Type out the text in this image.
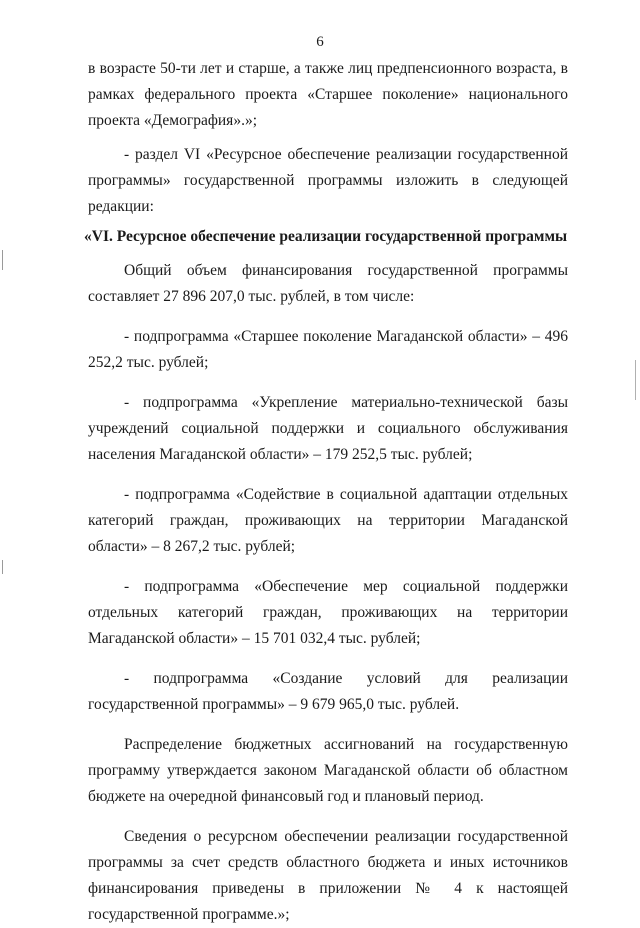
6

в возрасте 50-ти лет и старше, а также лиц предпенсионного возраста, в рамках федерального проекта «Старшее поколение» национального проекта «Демография».»;

- раздел VI «Ресурсное обеспечение реализации государственной программы» государственной программы изложить в следующей редакции:

«VI. Ресурсное обеспечение реализации государственной программы

Общий объем финансирования государственной программы составляет 27 896 207,0 тыс. рублей, в том числе:

- подпрограмма «Старшее поколение Магаданской области» – 496 252,2 тыс. рублей;

- подпрограмма «Укрепление материально-технической базы учреждений социальной поддержки и социального обслуживания населения Магаданской области» – 179 252,5 тыс. рублей;

- подпрограмма «Содействие в социальной адаптации отдельных категорий граждан, проживающих на территории Магаданской области» – 8 267,2 тыс. рублей;

- подпрограмма «Обеспечение мер социальной поддержки отдельных категорий граждан, проживающих на территории Магаданской области» – 15 701 032,4 тыс. рублей;

- подпрограмма «Создание условий для реализации государственной программы» – 9 679 965,0 тыс. рублей.

Распределение бюджетных ассигнований на государственную программу утверждается законом Магаданской области об областном бюджете на очередной финансовый год и плановый период.

Сведения о ресурсном обеспечении реализации государственной программы за счет средств областного бюджета и иных источников финансирования приведены в приложении № 4 к настоящей государственной программе.»;
